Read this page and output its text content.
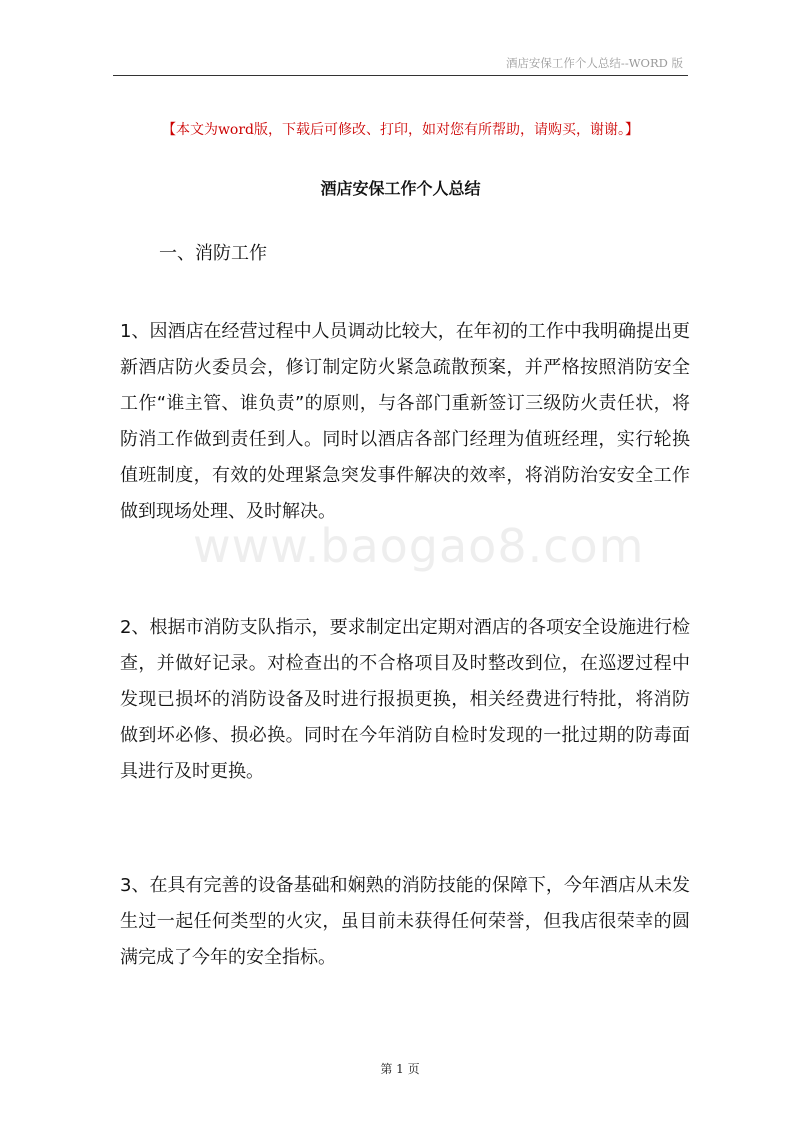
酒店安保工作个人总结--WORD 版
【本文为word版，下载后可修改、打印，如对您有所帮助，请购买，谢谢。】
酒店安保工作个人总结
一、消防工作
1、因酒店在经营过程中人员调动比较大，在年初的工作中我明确提出更新酒店防火委员会，修订制定防火紧急疏散预案，并严格按照消防安全工作“谁主管、谁负责”的原则，与各部门重新签订三级防火责任状，将防消工作做到责任到人。同时以酒店各部门经理为值班经理，实行轮换值班制度，有效的处理紧急突发事件解决的效率，将消防治安安全工作做到现场处理、及时解决。
www.baogao8.com
2、根据市消防支队指示，要求制定出定期对酒店的各项安全设施进行检查，并做好记录。对检查出的不合格项目及时整改到位，在巡逻过程中发现已损坏的消防设备及时进行报损更换，相关经费进行特批，将消防做到坏必修、损必换。同时在今年消防自检时发现的一批过期的防毒面具进行及时更换。
3、在具有完善的设备基础和娴熟的消防技能的保障下，今年酒店从未发生过一起任何类型的火灾，虽目前未获得任何荣誉，但我店很荣幸的圆满完成了今年的安全指标。
第 1 页
